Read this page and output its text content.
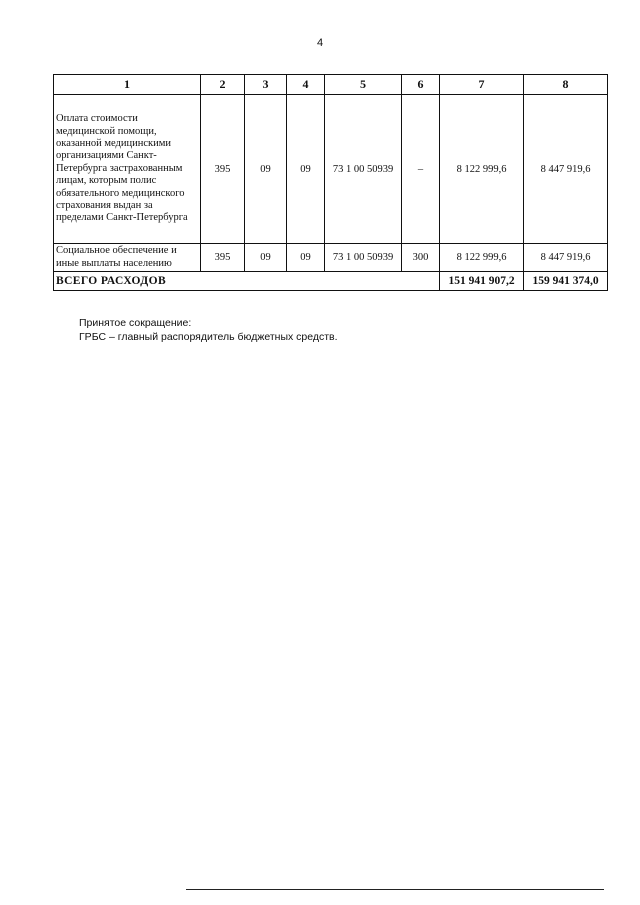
4
1	2	3	4	5	6	7	8
Оплата стоимости медицинской помощи, оказанной медицинскими организациями Санкт-Петербурга застрахованным лицам, которым полис обязательного медицинского страхования выдан за пределами Санкт-Петербурга	395	09	09	73 1 00 50939	–	8 122 999,6	8 447 919,6
Социальное обеспечение и иные выплаты населению	395	09	09	73 1 00 50939	300	8 122 999,6	8 447 919,6
ВСЕГО РАСХОДОВ						151 941 907,2	159 941 374,0
Принятое сокращение:
ГРБС – главный распорядитель бюджетных средств.
